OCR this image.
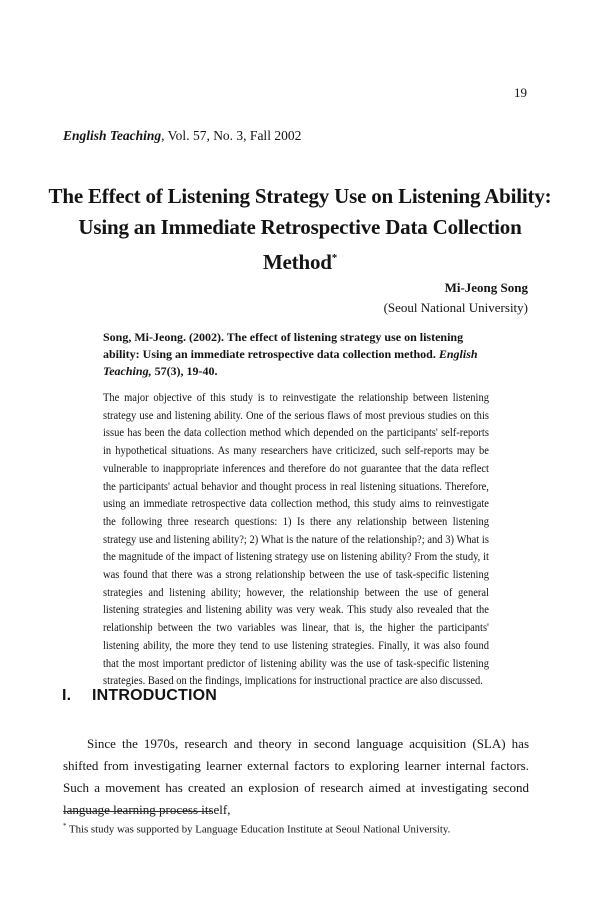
19
English Teaching, Vol. 57, No. 3, Fall 2002
The Effect of Listening Strategy Use on Listening Ability:
Using an Immediate Retrospective Data Collection Method*
Mi-Jeong Song
(Seoul National University)

Song, Mi-Jeong. (2002). The effect of listening strategy use on listening ability: Using an immediate retrospective data collection method. English Teaching, 57(3), 19-40.

The major objective of this study is to reinvestigate the relationship between listening strategy use and listening ability. One of the serious flaws of most previous studies on this issue has been the data collection method which depended on the participants' self-reports in hypothetical situations. As many researchers have criticized, such self-reports may be vulnerable to inappropriate inferences and therefore do not guarantee that the data reflect the participants' actual behavior and thought process in real listening situations. Therefore, using an immediate retrospective data collection method, this study aims to reinvestigate the following three research questions: 1) Is there any relationship between listening strategy use and listening ability?; 2) What is the nature of the relationship?; and 3) What is the magnitude of the impact of listening strategy use on listening ability? From the study, it was found that there was a strong relationship between the use of task-specific listening strategies and listening ability; however, the relationship between the use of general listening strategies and listening ability was very weak. This study also revealed that the relationship between the two variables was linear, that is, the higher the participants' listening ability, the more they tend to use listening strategies. Finally, it was also found that the most important predictor of listening ability was the use of task-specific listening strategies. Based on the findings, implications for instructional practice are also discussed.

I. INTRODUCTION

Since the 1970s, research and theory in second language acquisition (SLA) has shifted from investigating learner external factors to exploring learner internal factors. Such a movement has created an explosion of research aimed at investigating second language learning process itself,

* This study was supported by Language Education Institute at Seoul National University.
